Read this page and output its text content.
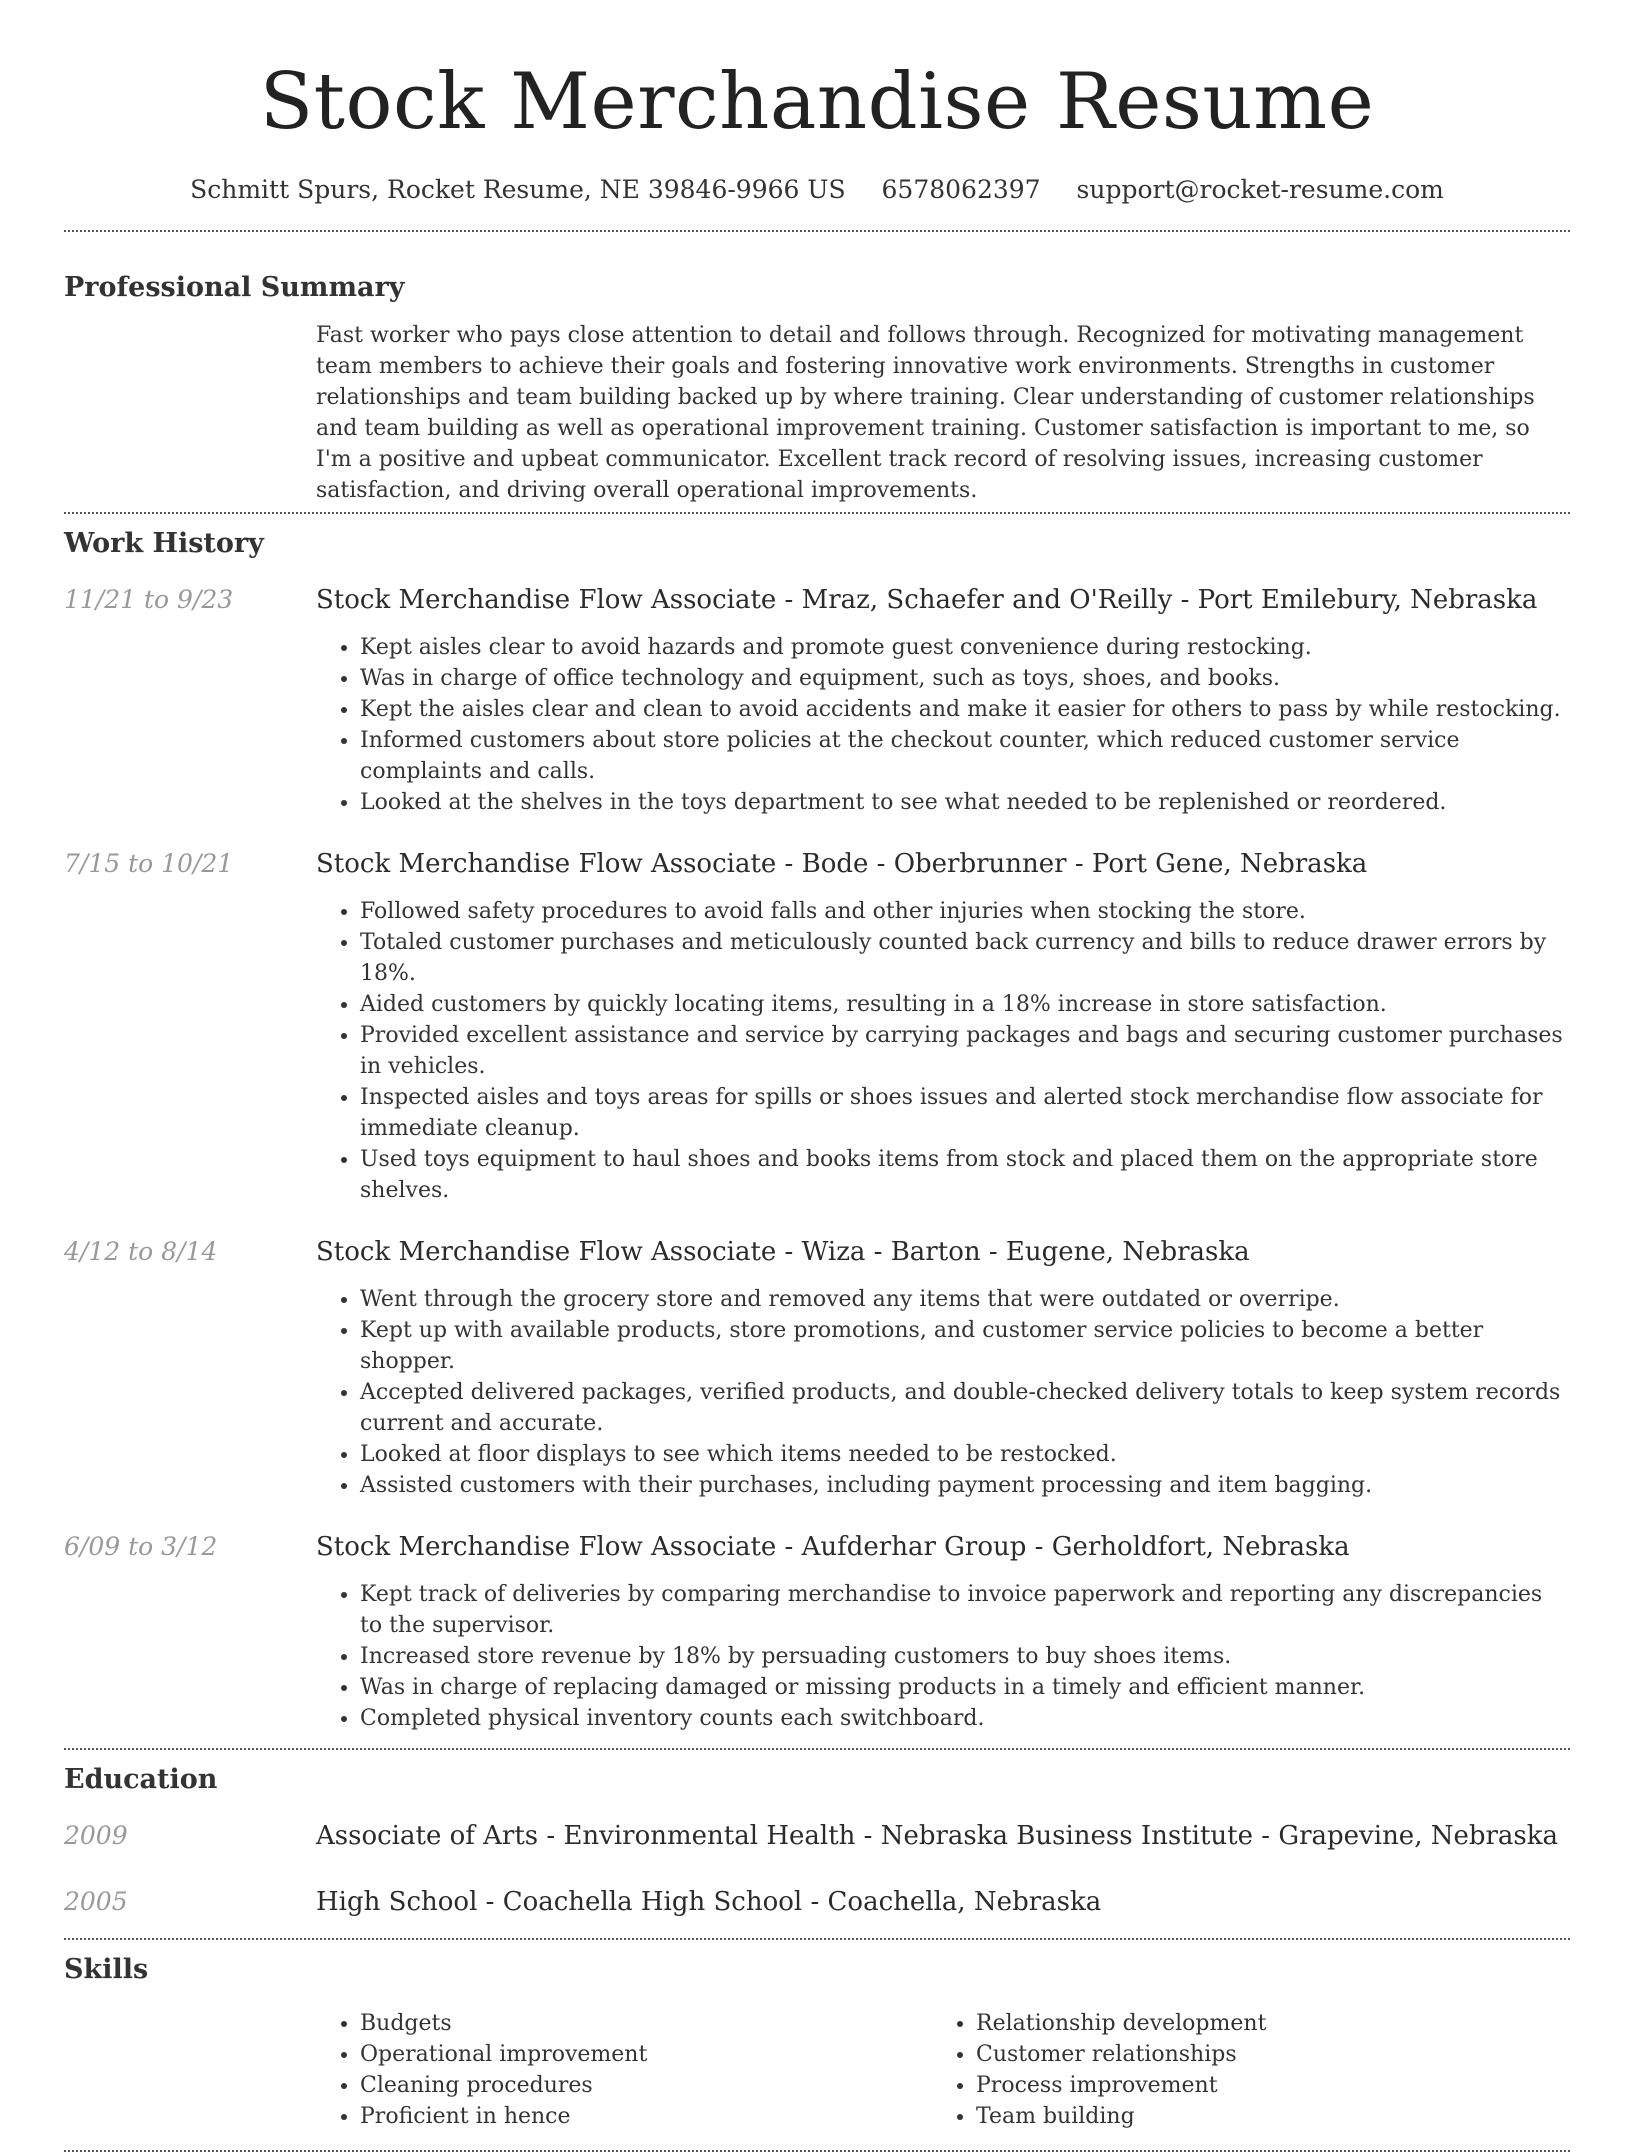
Stock Merchandise Resume
Schmitt Spurs, Rocket Resume, NE 39846-9966 US 6578062397 support@rocket-resume.com
Professional Summary

Fast worker who pays close attention to detail and follows through. Recognized for motivating management team members to achieve their goals and fostering innovative work environments. Strengths in customer relationships and team building backed up by where training. Clear understanding of customer relationships and team building as well as operational improvement training. Customer satisfaction is important to me, so I'm a positive and upbeat communicator. Excellent track record of resolving issues, increasing customer satisfaction, and driving overall operational improvements.

Work History
11/21 to 9/23	Stock Merchandise Flow Associate - Mraz, Schaefer and O'Reilly - Port Emilebury, Nebraska
• Kept aisles clear to avoid hazards and promote guest convenience during restocking.
• Was in charge of office technology and equipment, such as toys, shoes, and books.
• Kept the aisles clear and clean to avoid accidents and make it easier for others to pass by while restocking.
• Informed customers about store policies at the checkout counter, which reduced customer service complaints and calls.
• Looked at the shelves in the toys department to see what needed to be replenished or reordered.
7/15 to 10/21	Stock Merchandise Flow Associate - Bode - Oberbrunner - Port Gene, Nebraska
• Followed safety procedures to avoid falls and other injuries when stocking the store.
• Totaled customer purchases and meticulously counted back currency and bills to reduce drawer errors by 18%.
• Aided customers by quickly locating items, resulting in a 18% increase in store satisfaction.
• Provided excellent assistance and service by carrying packages and bags and securing customer purchases in vehicles.
• Inspected aisles and toys areas for spills or shoes issues and alerted stock merchandise flow associate for immediate cleanup.
• Used toys equipment to haul shoes and books items from stock and placed them on the appropriate store shelves.
4/12 to 8/14	Stock Merchandise Flow Associate - Wiza - Barton - Eugene, Nebraska
• Went through the grocery store and removed any items that were outdated or overripe.
• Kept up with available products, store promotions, and customer service policies to become a better shopper.
• Accepted delivered packages, verified products, and double-checked delivery totals to keep system records current and accurate.
• Looked at floor displays to see which items needed to be restocked.
• Assisted customers with their purchases, including payment processing and item bagging.
6/09 to 3/12	Stock Merchandise Flow Associate - Aufderhar Group - Gerholdfort, Nebraska
• Kept track of deliveries by comparing merchandise to invoice paperwork and reporting any discrepancies to the supervisor.
• Increased store revenue by 18% by persuading customers to buy shoes items.
• Was in charge of replacing damaged or missing products in a timely and efficient manner.
• Completed physical inventory counts each switchboard.
Education
2009	Associate of Arts - Environmental Health - Nebraska Business Institute - Grapevine, Nebraska
2005	High School - Coachella High School - Coachella, Nebraska
Skills
• Budgets
• Operational improvement
• Cleaning procedures
• Proficient in hence
• Relationship development
• Customer relationships
• Process improvement
• Team building
